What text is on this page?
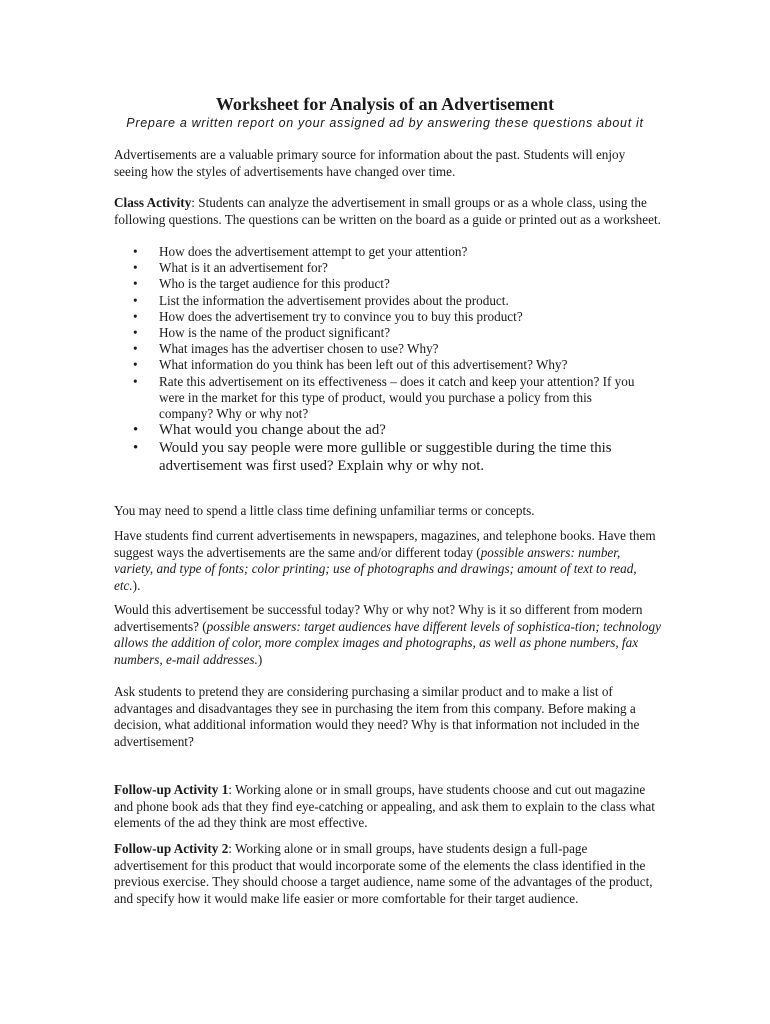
Worksheet for Analysis of an Advertisement
Prepare a written report on your assigned ad by answering these questions about it

Advertisements are a valuable primary source for information about the past. Students will enjoy seeing how the styles of advertisements have changed over time.

Class Activity: Students can analyze the advertisement in small groups or as a whole class, using the following questions. The questions can be written on the board as a guide or printed out as a worksheet.

• How does the advertisement attempt to get your attention?
• What is it an advertisement for?
• Who is the target audience for this product?
• List the information the advertisement provides about the product.
• How does the advertisement try to convince you to buy this product?
• How is the name of the product significant?
• What images has the advertiser chosen to use? Why?
• What information do you think has been left out of this advertisement? Why?
• Rate this advertisement on its effectiveness – does it catch and keep your attention? If you were in the market for this type of product, would you purchase a policy from this company? Why or why not?
• What would you change about the ad?
• Would you say people were more gullible or suggestible during the time this advertisement was first used? Explain why or why not.

You may need to spend a little class time defining unfamiliar terms or concepts.

Have students find current advertisements in newspapers, magazines, and telephone books. Have them suggest ways the advertisements are the same and/or different today (possible answers: number, variety, and type of fonts; color printing; use of photographs and drawings; amount of text to read, etc.).

Would this advertisement be successful today? Why or why not? Why is it so different from modern advertisements? (possible answers: target audiences have different levels of sophistica-tion; technology allows the addition of color, more complex images and photographs, as well as phone numbers, fax numbers, e-mail addresses.)

Ask students to pretend they are considering purchasing a similar product and to make a list of advantages and disadvantages they see in purchasing the item from this company. Before making a decision, what additional information would they need? Why is that information not included in the advertisement?

Follow-up Activity 1: Working alone or in small groups, have students choose and cut out magazine and phone book ads that they find eye-catching or appealing, and ask them to explain to the class what elements of the ad they think are most effective.

Follow-up Activity 2: Working alone or in small groups, have students design a full-page advertisement for this product that would incorporate some of the elements the class identified in the previous exercise. They should choose a target audience, name some of the advantages of the product, and specify how it would make life easier or more comfortable for their target audience.
